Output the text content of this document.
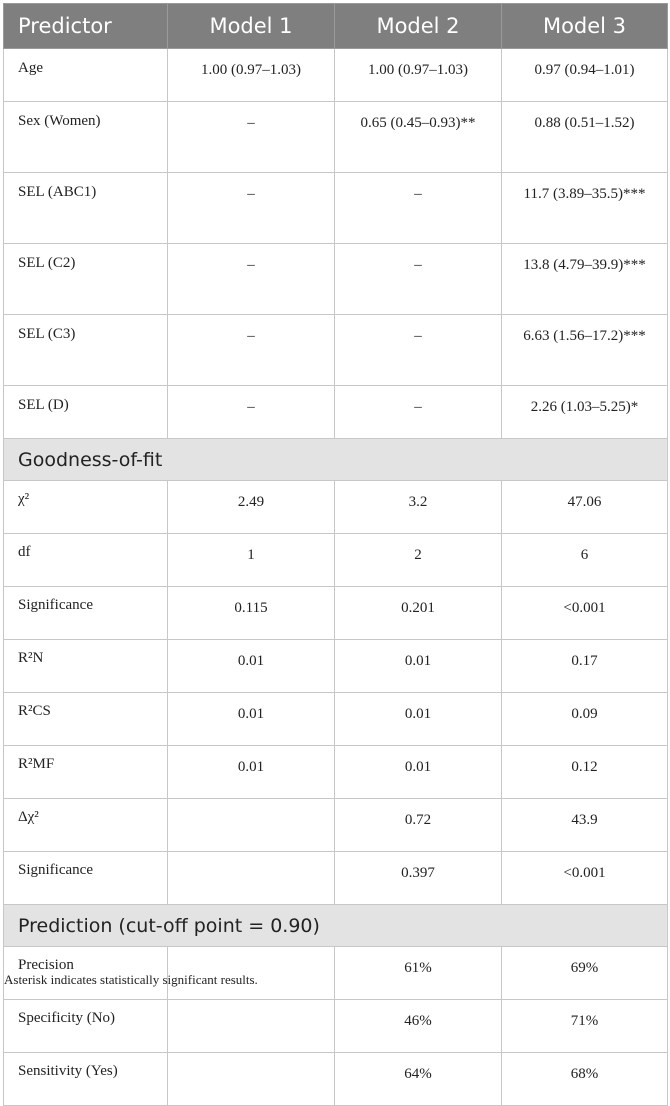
Predictor	Model 1	Model 2	Model 3
Age	1.00 (0.97–1.03)	1.00 (0.97–1.03)	0.97 (0.94–1.01)
Sex (Women)	–	0.65 (0.45–0.93)**	0.88 (0.51–1.52)
SEL (ABC1)	–	–	11.7 (3.89–35.5)***
SEL (C2)	–	–	13.8 (4.79–39.9)***
SEL (C3)	–	–	6.63 (1.56–17.2)***
SEL (D)	–	–	2.26 (1.03–5.25)*
Goodness-of-fit			
χ²	2.49	3.2	47.06
df	1	2	6
Significance	0.115	0.201	<0.001
R²N	0.01	0.01	0.17
R²CS	0.01	0.01	0.09
R²MF	0.01	0.01	0.12
Δχ²		0.72	43.9
Significance		0.397	<0.001
Prediction (cut-off point = 0.90)			
Precision		61%	69%
Specificity (No)		46%	71%
Sensitivity (Yes)		64%	68%
Asterisk indicates statistically significant results.
